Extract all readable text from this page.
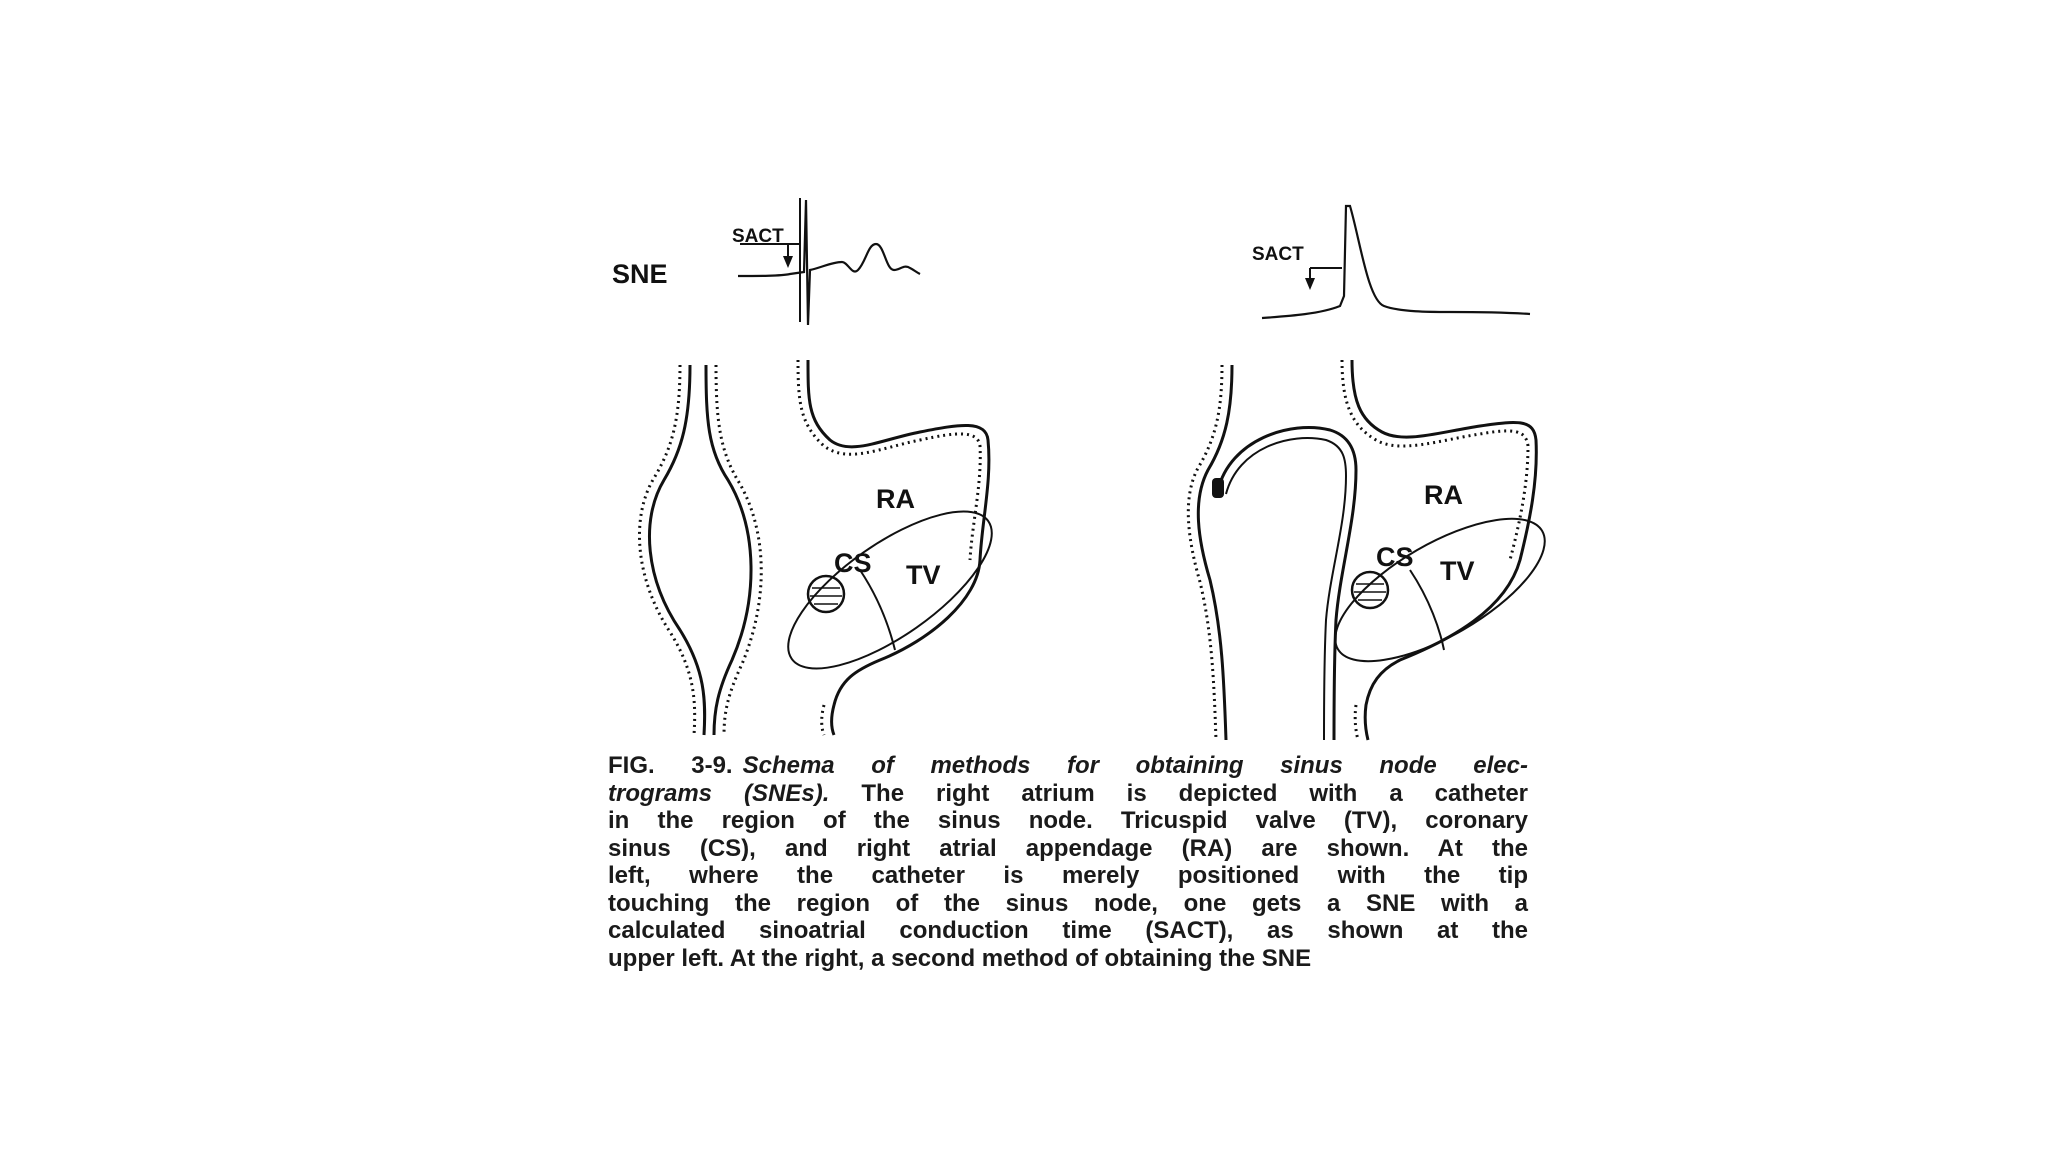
SNE
SACT
RA
CS TV
SACT
RA
CS TV
FIG. 3-9. Schema of methods for obtaining sinus node elec-
trograms (SNEs). The right atrium is depicted with a catheter
in the region of the sinus node. Tricuspid valve (TV), coronary
sinus (CS), and right atrial appendage (RA) are shown. At the
left, where the catheter is merely positioned with the tip
touching the region of the sinus node, one gets a SNE with a
calculated sinoatrial conduction time (SACT), as shown at the
upper left. At the right, a second method of obtaining the SNE
